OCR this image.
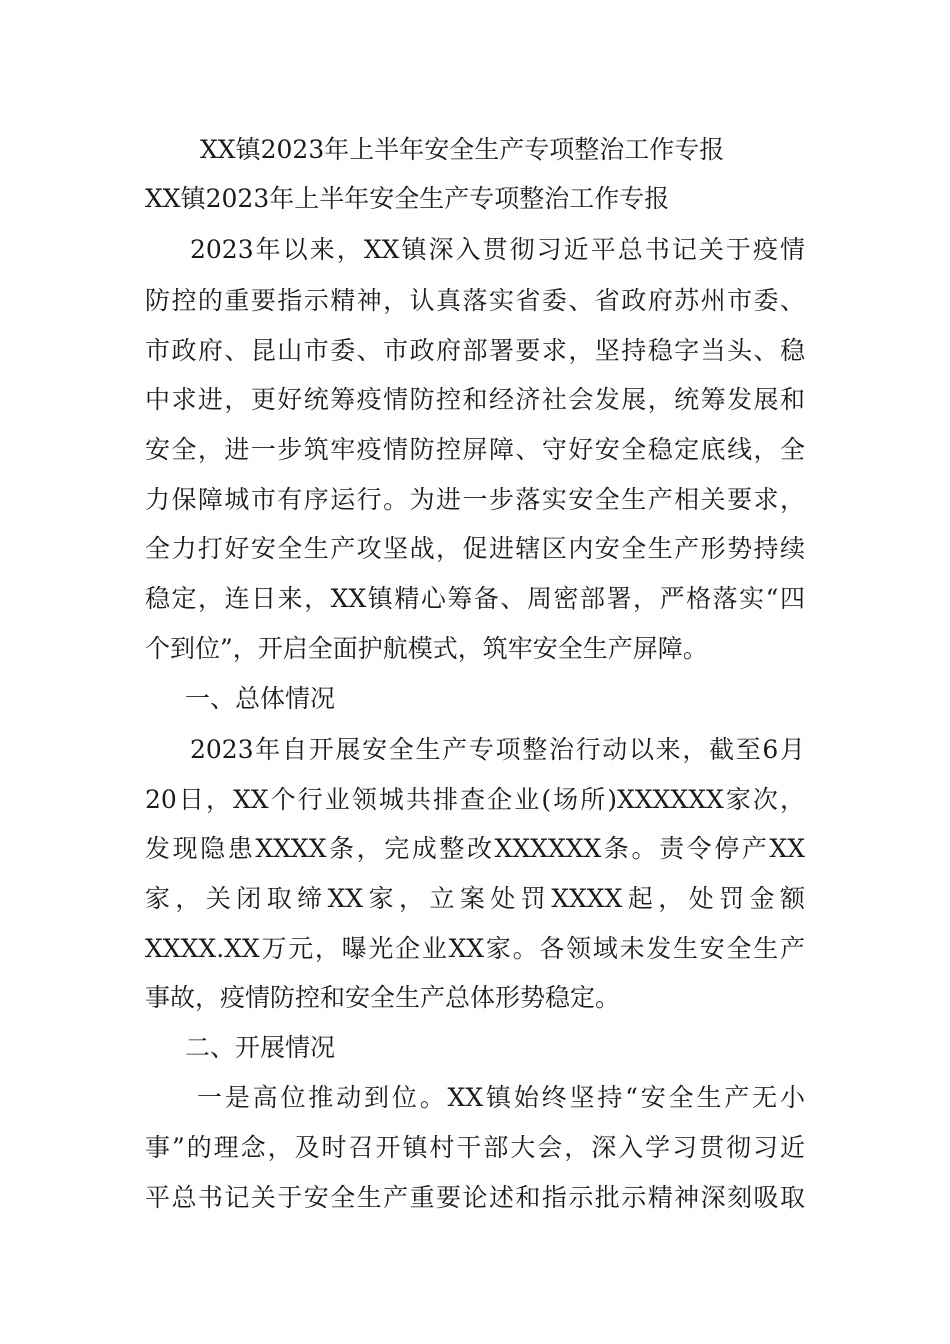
XX镇2023年上半年安全生产专项整治工作专报
XX镇2023年上半年安全生产专项整治工作专报
2023年以来，XX镇深入贯彻习近平总书记关于疫情
防控的重要指示精神，认真落实省委、省政府苏州市委、
市政府、昆山市委、市政府部署要求，坚持稳字当头、稳
中求进，更好统筹疫情防控和经济社会发展，统筹发展和
安全，进一步筑牢疫情防控屏障、守好安全稳定底线，全
力保障城市有序运行。为进一步落实安全生产相关要求，
全力打好安全生产攻坚战，促进辖区内安全生产形势持续
稳定，连日来，XX镇精心筹备、周密部署，严格落实“四
个到位”，开启全面护航模式，筑牢安全生产屏障。
一、总体情况
2023年自开展安全生产专项整治行动以来，截至6月
20日，XX个行业领城共排查企业(场所)XXXXXX家次，
发现隐患XXXX条，完成整改XXXXXX条。责令停产XX
家，关闭取缔XX家，立案处罚XXXX起，处罚金额
XXXX.XX万元，曝光企业XX家。各领域未发生安全生产
事故，疫情防控和安全生产总体形势稳定。
二、开展情况
一是高位推动到位。XX镇始终坚持“安全生产无小
事”的理念，及时召开镇村干部大会，深入学习贯彻习近
平总书记关于安全生产重要论述和指示批示精神深刻吸取
